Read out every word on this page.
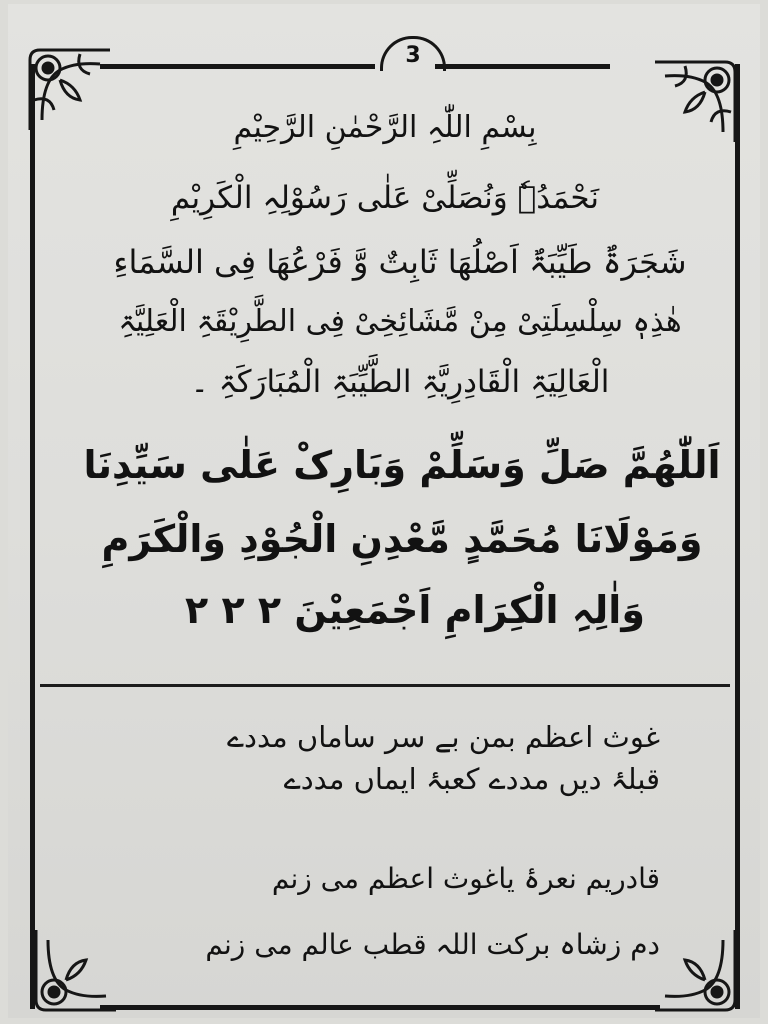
3
بِسْمِ اللّٰہِ الرَّحْمٰنِ الرَّحِیْمِ
نَحْمَدُہٗ وَنُصَلِّیْ عَلٰی رَسُوْلِہِ الْکَرِیْمِ
شَجَرَۃٌ طَیِّبَۃٌ اَصْلُھَا ثَابِتٌ وَّ فَرْعُھَا فِی السَّمَاءِ
ھٰذِہٖ سِلْسِلَتِیْ مِنْ مَّشَائِخِیْ فِی الطَّرِیْقَۃِ الْعَلِیَّۃِ
الْعَالِیَۃِ الْقَادِرِیَّۃِ الطَّیِّبَۃِ الْمُبَارَکَۃِ ۔
اَللّٰھُمَّ صَلِّ وَسَلِّمْ وَبَارِکْ عَلٰی سَیِّدِنَا
وَمَوْلَانَا مُحَمَّدٍ مَّعْدِنِ الْجُوْدِ وَالْکَرَمِ
وَاٰلِہِ الْکِرَامِ اَجْمَعِیْنَ ۲ ۲ ۲
غوث اعظم بمن بے سر ساماں مددے
قبلۂ دیں مددے کعبۂ ایماں مددے
قادریم نعرۂ یاغوث اعظم می زنم
دم زشاہ برکت اللہ قطب عالم می زنم
